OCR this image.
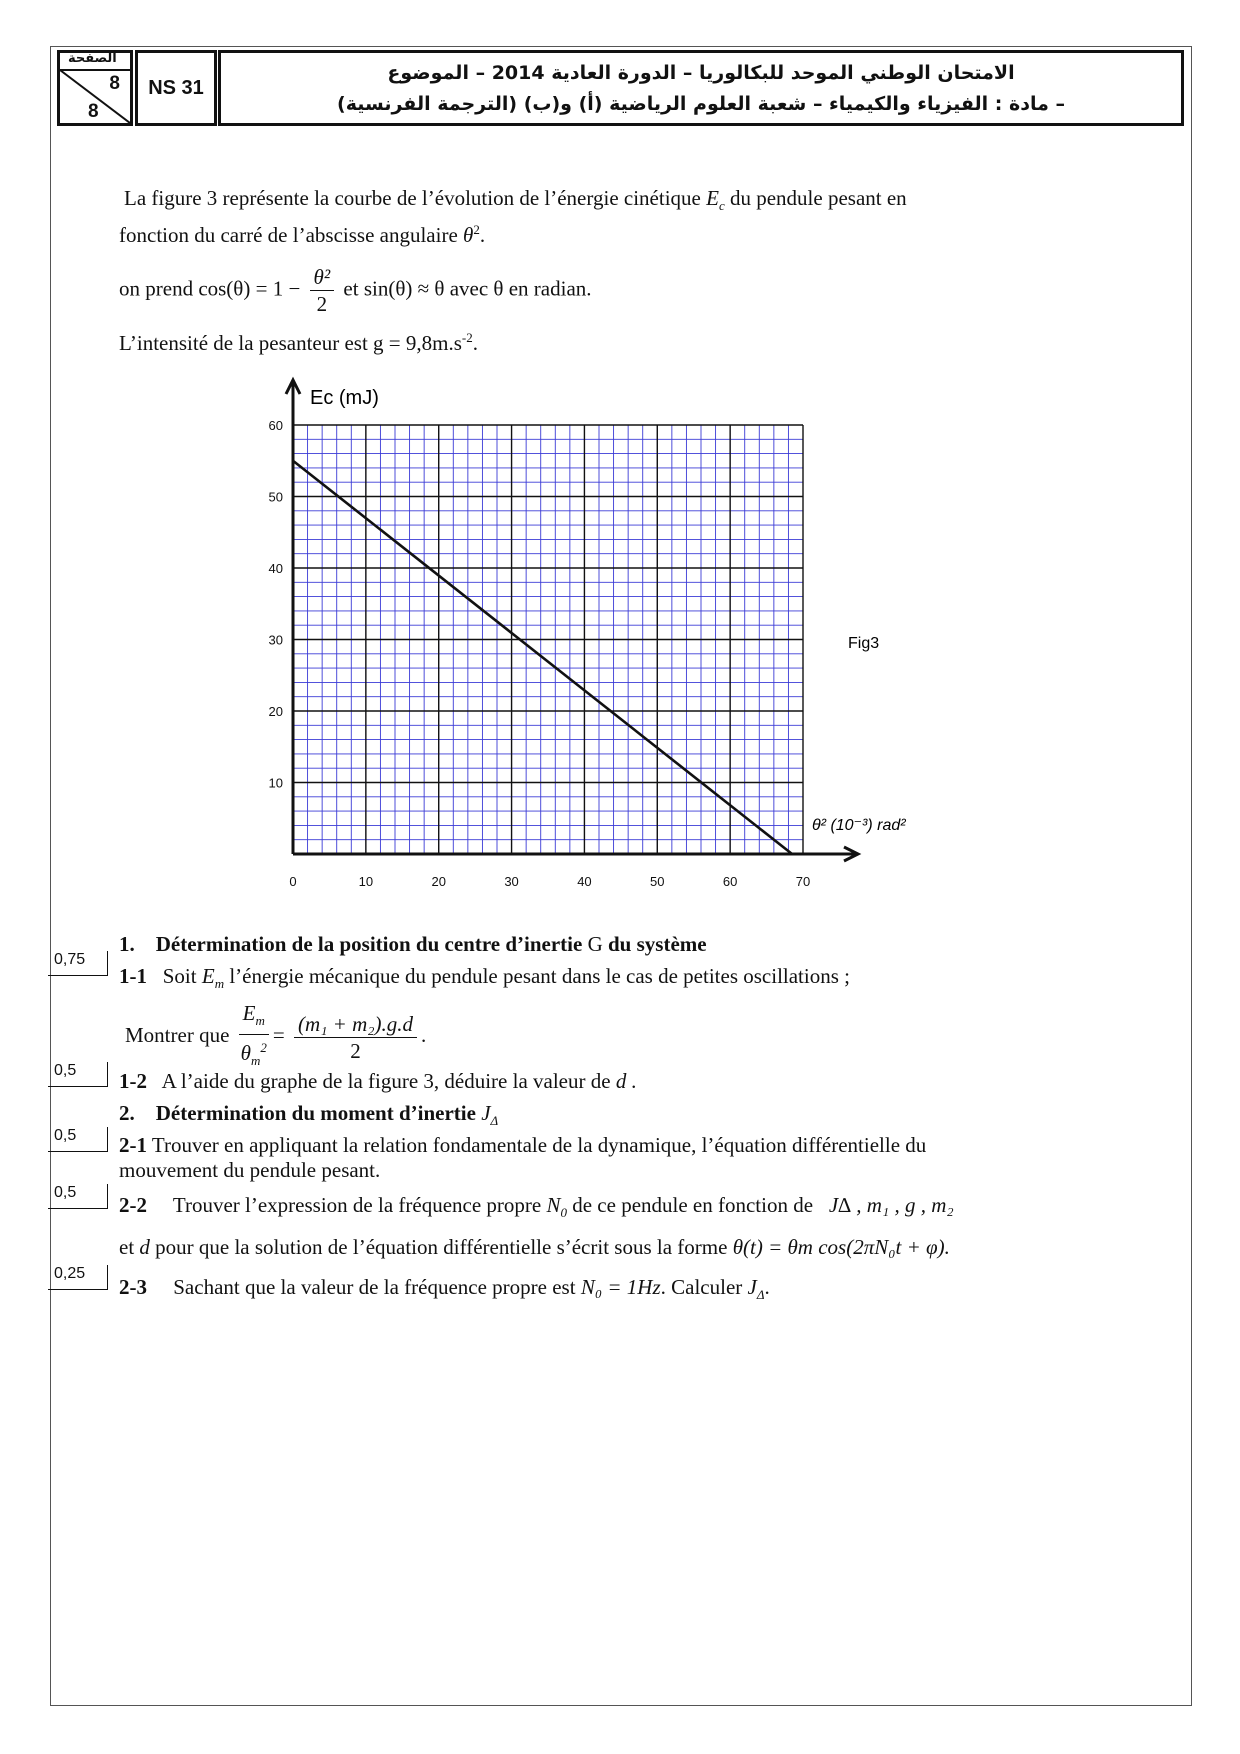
الصفحة
8
8
NS 31
الامتحان الوطني الموحد للبكالوريا – الدورة العادية 2014 – الموضوع
– مادة : الفيزياء والكيمياء – شعبة العلوم الرياضية (أ) و(ب) (الترجمة الفرنسية)
La figure 3 représente la courbe de l’évolution de l’énergie cinétique $E_c$ du pendule pesant en
fonction du carré de l’abscisse angulaire $\theta^2$.
on prend $\cos(\theta) = 1 - \frac{\text{θ²}}{2}$ et sin(θ) ≈ θ avec θ en radian.
L’intensité de la pesanteur est $g = 9,8m.s^{-2}$.
0	10	20	30	40	50	60	70
10
20
30
40
50
60
Ec (mJ)
θ² (10⁻³) rad²
Fig3
1. Détermination de la position du centre d’inertie G du système
0,75
1-1 Soit $E_m$ l’énergie mécanique du pendule pesant dans le cas de petites oscillations ;
Montrer que $\frac{E_m}{\theta_m^2} = \frac{\text{(m₁ + m₂).g.d}}{2}$ .
0,5	1-2 A l’aide du graphe de la figure 3, déduire la valeur de d .
2. Détermination du moment d’inertie $J_\Delta$
0,5	2-1 Trouver en appliquant la relation fondamentale de la dynamique, l’équation différentielle du
mouvement du pendule pesant.
0,5
2-2 Trouver l’expression de la fréquence propre $N_0$ de ce pendule en fonction de J∆ , m₁ , g , m₂
et d pour que la solution de l’équation différentielle s’écrit sous la forme θ(t) = θm cos(2πN₀t + φ).
0,25
2-3 Sachant que la valeur de la fréquence propre est N₀ = 1Hz. Calculer $J_\Delta$.
